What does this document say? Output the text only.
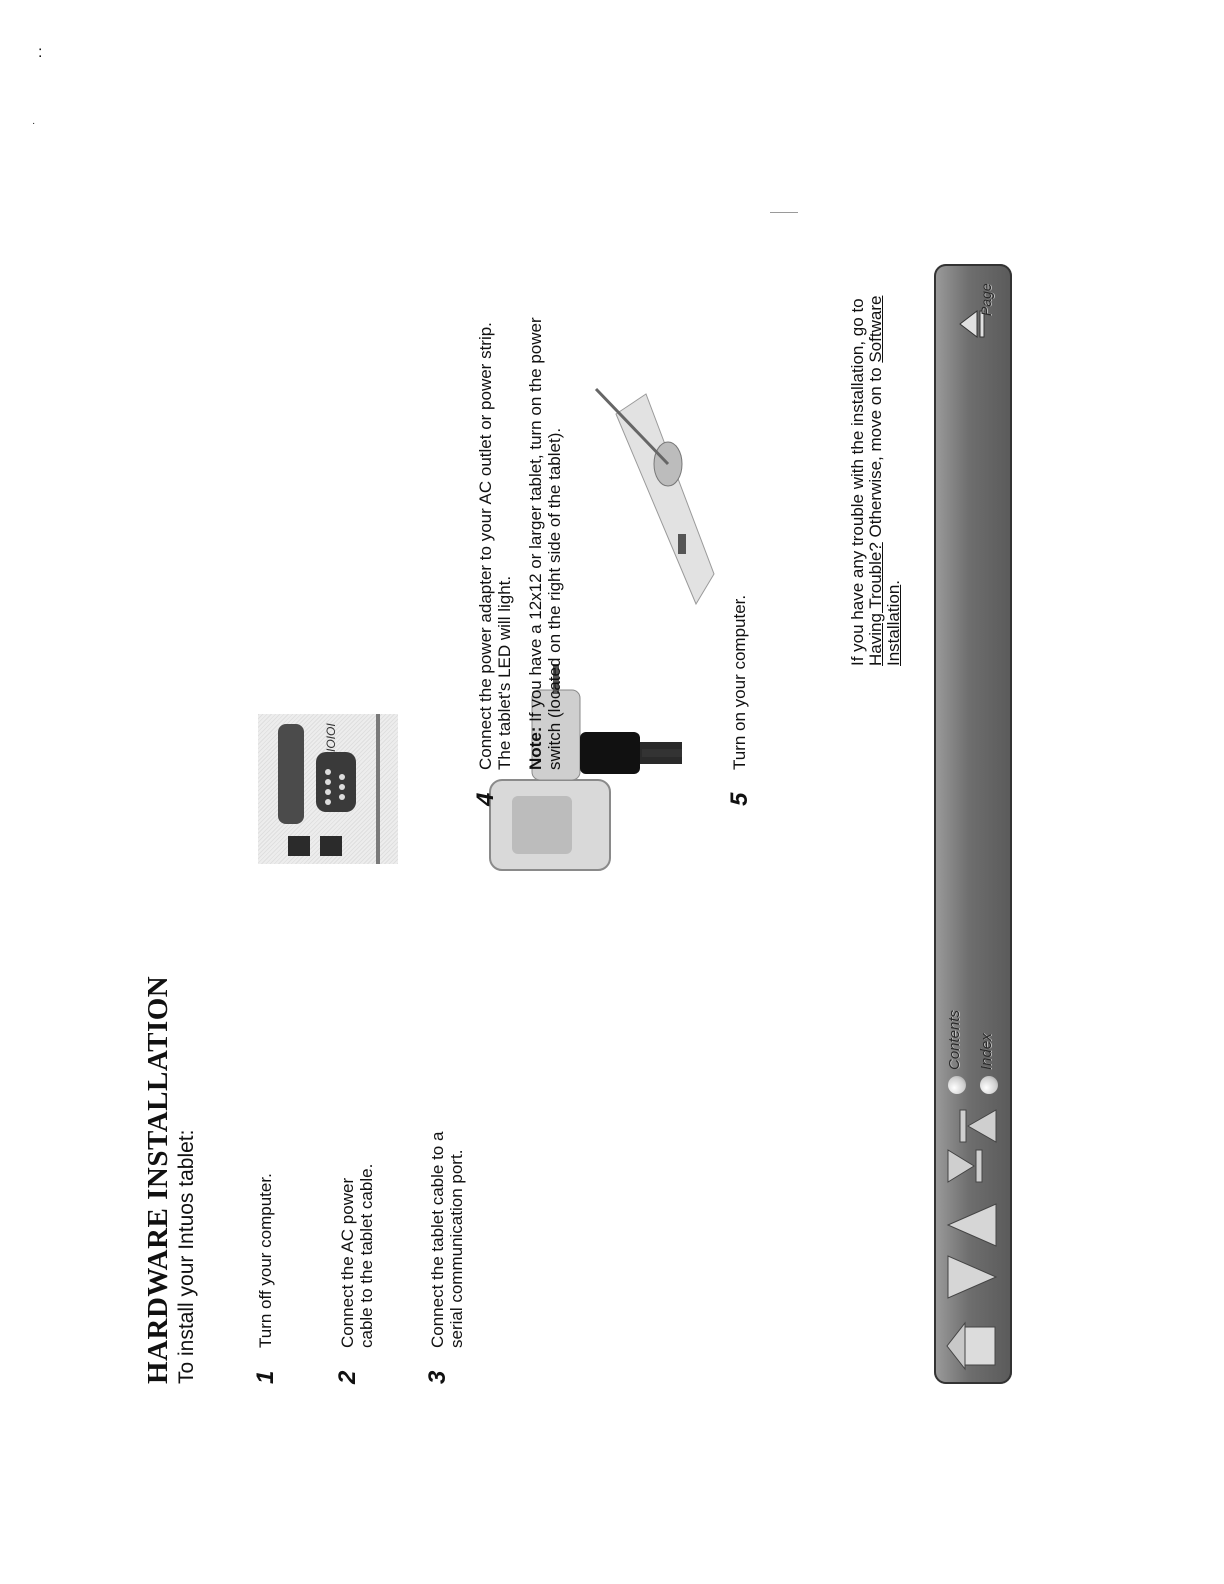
:
·
HARDWARE INSTALLATION To install your Intuos tablet: 1

Turn off your computer.

2

Connect the AC power cable to the tablet cable.

3

Connect the tablet cable to a serial communication port.

IOIOI
4

Connect the power adapter to your AC outlet or power strip. The tablet's LED will light. Note: If you have a 12x12 or larger tablet, turn on the power switch (located on the right side of the tablet).

5

Turn on your computer.

If you have any trouble with the installation, go to Having Trouble? Otherwise, move on to Software Installation.

Contents Index
Page
